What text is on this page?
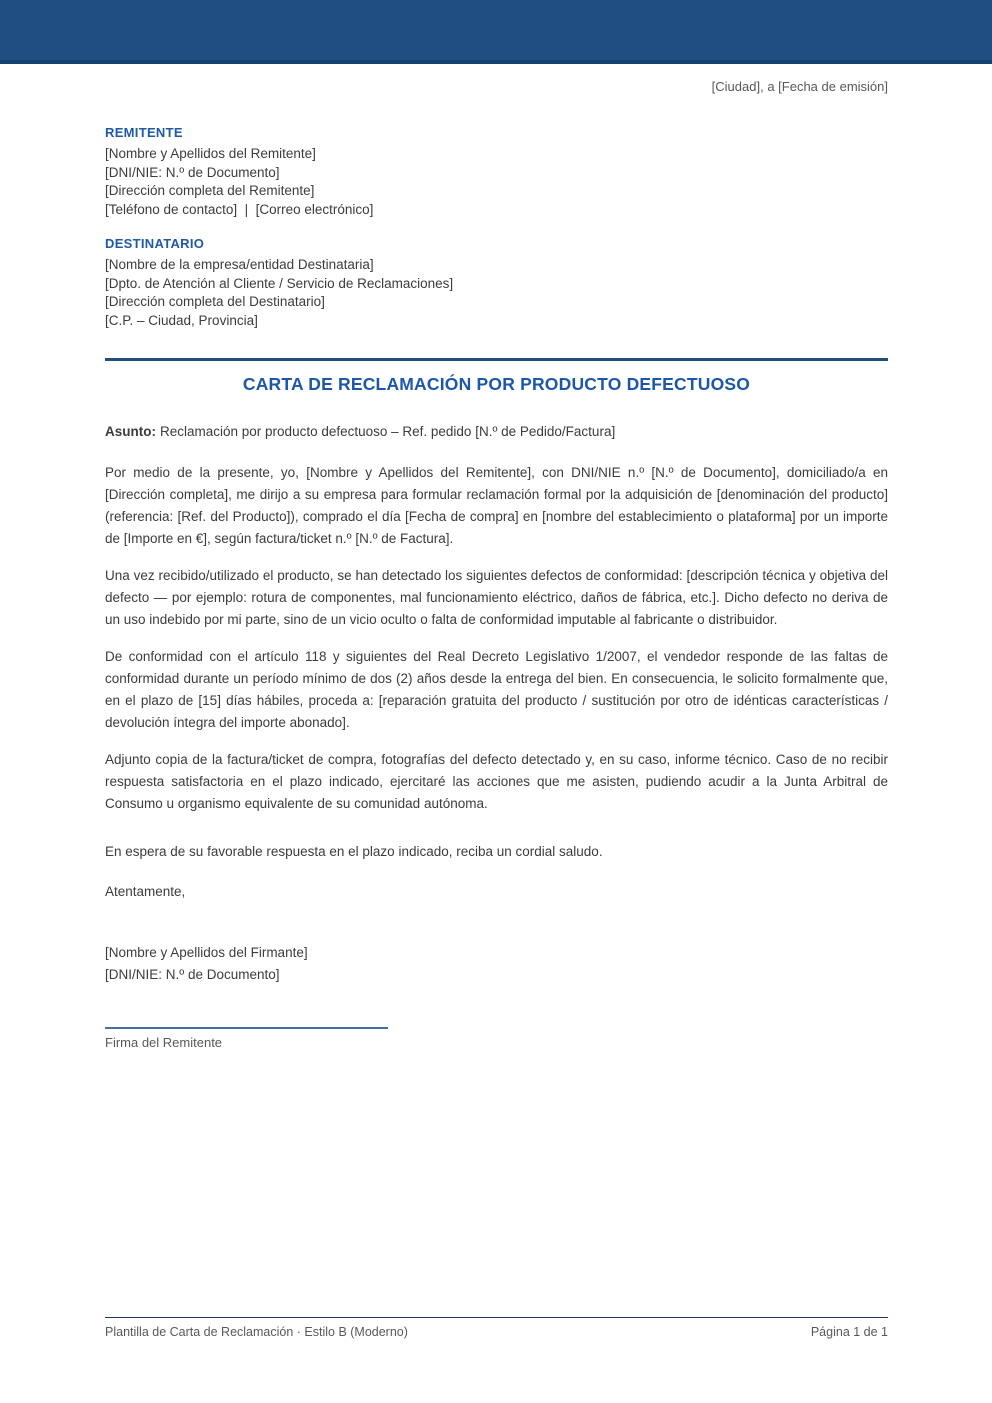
[Ciudad], a [Fecha de emisión]
REMITENTE
[Nombre y Apellidos del Remitente]
[DNI/NIE: N.º de Documento]
[Dirección completa del Remitente]
[Teléfono de contacto]  |  [Correo electrónico]
DESTINATARIO
[Nombre de la empresa/entidad Destinataria]
[Dpto. de Atención al Cliente / Servicio de Reclamaciones]
[Dirección completa del Destinatario]
[C.P. – Ciudad, Provincia]
CARTA DE RECLAMACIÓN POR PRODUCTO DEFECTUOSO
Asunto: Reclamación por producto defectuoso – Ref. pedido [N.º de Pedido/Factura]

Por medio de la presente, yo, [Nombre y Apellidos del Remitente], con DNI/NIE n.º [N.º de Documento], domiciliado/a en [Dirección completa], me dirijo a su empresa para formular reclamación formal por la adquisición de [denominación del producto] (referencia: [Ref. del Producto]), comprado el día [Fecha de compra] en [nombre del establecimiento o plataforma] por un importe de [Importe en €], según factura/ticket n.º [N.º de Factura].

Una vez recibido/utilizado el producto, se han detectado los siguientes defectos de conformidad: [descripción técnica y objetiva del defecto — por ejemplo: rotura de componentes, mal funcionamiento eléctrico, daños de fábrica, etc.]. Dicho defecto no deriva de un uso indebido por mi parte, sino de un vicio oculto o falta de conformidad imputable al fabricante o distribuidor.

De conformidad con el artículo 118 y siguientes del Real Decreto Legislativo 1/2007, el vendedor responde de las faltas de conformidad durante un período mínimo de dos (2) años desde la entrega del bien. En consecuencia, le solicito formalmente que, en el plazo de [15] días hábiles, proceda a: [reparación gratuita del producto / sustitución por otro de idénticas características / devolución íntegra del importe abonado].

Adjunto copia de la factura/ticket de compra, fotografías del defecto detectado y, en su caso, informe técnico. Caso de no recibir respuesta satisfactoria en el plazo indicado, ejercitaré las acciones que me asisten, pudiendo acudir a la Junta Arbitral de Consumo u organismo equivalente de su comunidad autónoma.

En espera de su favorable respuesta en el plazo indicado, reciba un cordial saludo.
Atentamente,
[Nombre y Apellidos del Firmante]
[DNI/NIE: N.º de Documento]
Firma del Remitente
Plantilla de Carta de Reclamación · Estilo B (Moderno)	Página 1 de 1
